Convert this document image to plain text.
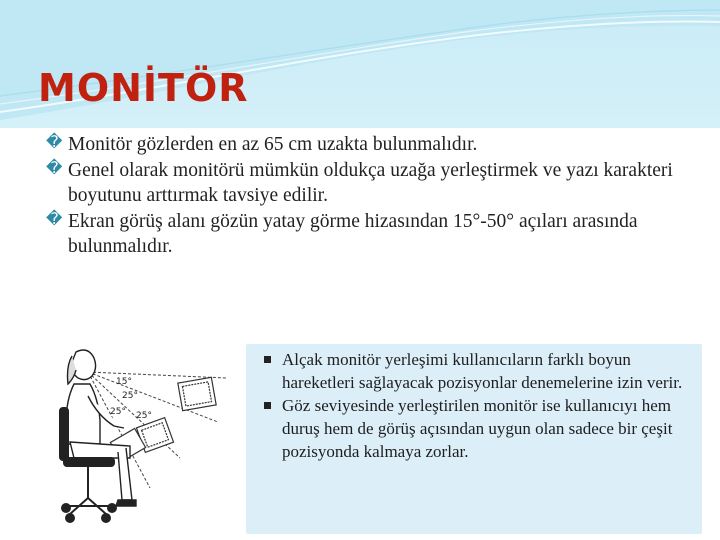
MONİTÖR

� Monitör gözlerden en az 65 cm uzakta bulunmalıdır.

� Genel olarak monitörü mümkün oldukça uzağa yerleştirmek ve yazı karakteri boyutunu arttırmak tavsiye edilir.

� Ekran görüş alanı gözün yatay görme hizasından 15°-50° açıları arasında bulunmalıdır.

15°
25°
25° 25°
Alçak monitör yerleşimi kullanıcıların farklı boyun hareketleri sağlayacak pozisyonlar denemelerine izin verir.
Göz seviyesinde yerleştirilen monitör ise kullanıcıyı hem duruş hem de görüş açısından uygun olan sadece bir çeşit pozisyonda kalmaya zorlar.
